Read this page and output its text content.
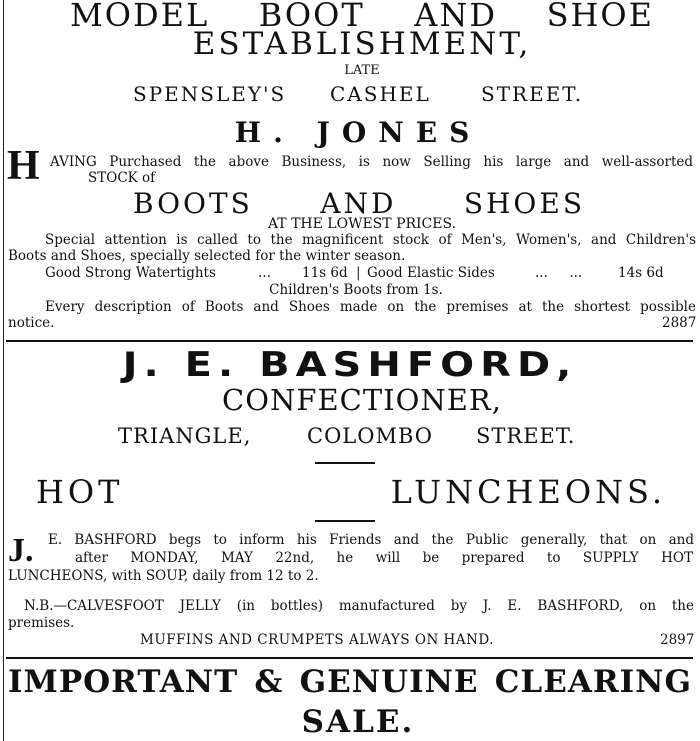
MODEL BOOT AND SHOE
ESTABLISHMENT,
LATE
SPENSLEY'S CASHEL	STREET.
H. JONES
H AVING Purchased the above Business, is now Selling his large and well-assorted
STOCK of
BOOTS AND SHOES
AT THE LOWEST PRICES.
Special attention is called to the magnificent stock of Men's, Women's, and Children's
Boots and Shoes, specially selected for the winter season.
Good Strong Watertights	... 11s 6d | Good Elastic Sides	...     ...	14s 6d
Children's Boots from 1s.
Every description of Boots and Shoes made on the premises at the shortest possible
notice.	2887
J. E. BASHFORD,
CONFECTIONER,
TRIANGLE,	COLOMBO STREET.
HOT LUNCHEONS.
J. E. BASHFORD begs to inform his Friends and the Public generally, that on and
after MONDAY, MAY 22nd, he will be prepared to SUPPLY HOT
LUNCHEONS, with SOUP, daily from 12 to 2.
N.B.—CALVESFOOT JELLY (in bottles) manufactured by J. E. BASHFORD, on the
premises.
MUFFINS AND CRUMPETS ALWAYS ON HAND.	2897
IMPORTANT & GENUINE CLEARING
SALE.
